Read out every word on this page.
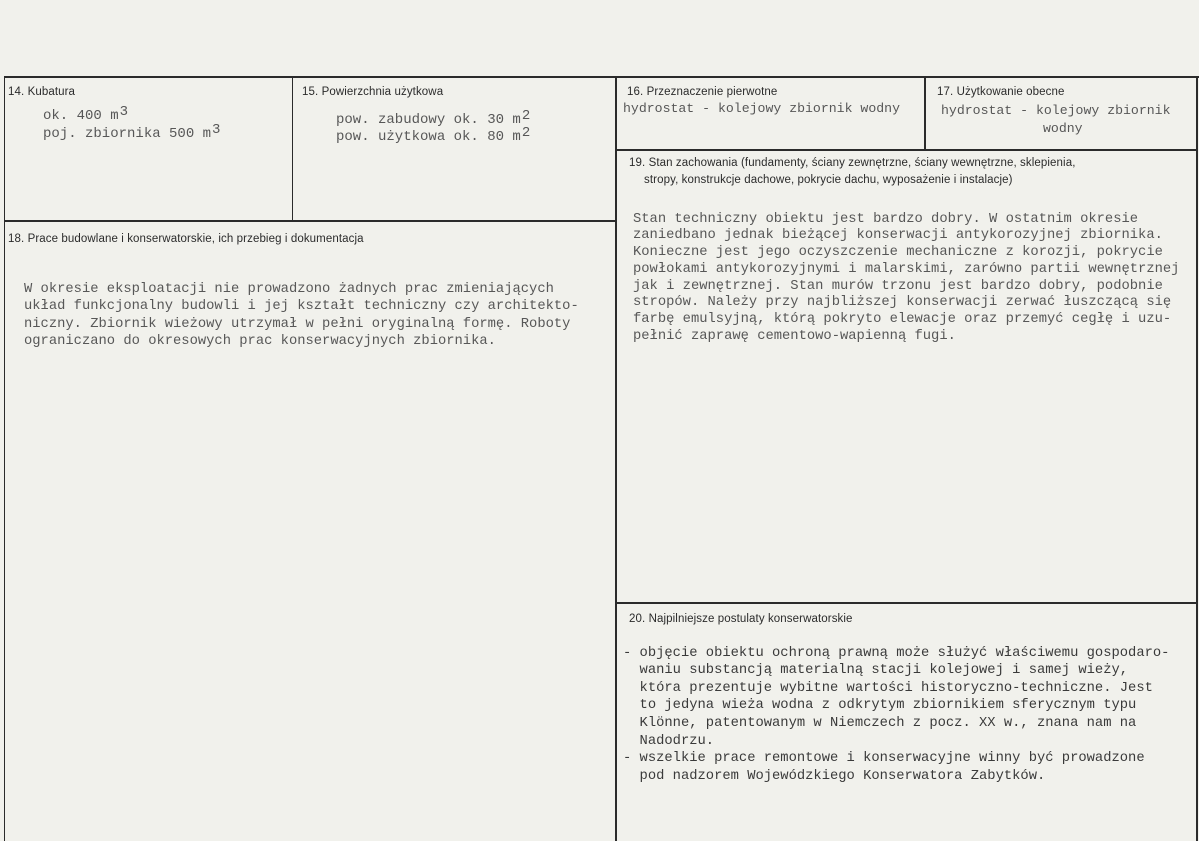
14. Kubatura
ok. 400 $m^3$
poj. zbiornika 500 $m^3$
15. Powierzchnia użytkowa
pow. zabudowy ok. 30 $m^2$
pow. użytkowa ok. 80 $m^2$
16. Przeznaczenie pierwotne
hydrostat - kolejowy zbiornik wodny
17. Użytkowanie obecne
hydrostat - kolejowy zbiornik
wodny
19. Stan zachowania (fundamenty, ściany zewnętrzne, ściany wewnętrzne, sklepienia,
stropy, konstrukcje dachowe, pokrycie dachu, wyposażenie i instalacje)

Stan techniczny obiektu jest bardzo dobry. W ostatnim okresie
zaniedbano jednak bieżącej konserwacji antykorozyjnej zbiornika.
Konieczne jest jego oczyszczenie mechaniczne z korozji, pokrycie
powłokami antykorozyjnymi i malarskimi, zarówno partii wewnętrznej
jak i zewnętrznej. Stan murów trzonu jest bardzo dobry, podobnie
stropów. Należy przy najbliższej konserwacji zerwać łuszczącą się
farbę emulsyjną, którą pokryto elewacje oraz przemyć cegłę i uzu-
pełnić zaprawę cementowo-wapienną fugi.

18. Prace budowlane i konserwatorskie, ich przebieg i dokumentacja

W okresie eksploatacji nie prowadzono żadnych prac zmieniających
układ funkcjonalny budowli i jej kształt techniczny czy architekto-
niczny. Zbiornik wieżowy utrzymał w pełni oryginalną formę. Roboty
ograniczano do okresowych prac konserwacyjnych zbiornika.

20. Najpilniejsze postulaty konserwatorskie

- objęcie obiektu ochroną prawną może służyć właściwemu gospodaro-
waniu substancją materialną stacji kolejowej i samej wieży,
która prezentuje wybitne wartości historyczno-techniczne. Jest
to jedyna wieża wodna z odkrytym zbiornikiem sferycznym typu
Klönne, patentowanym w Niemczech z pocz. XX w., znana nam na
Nadodrzu.
- wszelkie prace remontowe i konserwacyjne winny być prowadzone
pod nadzorem Wojewódzkiego Konserwatora Zabytków.
